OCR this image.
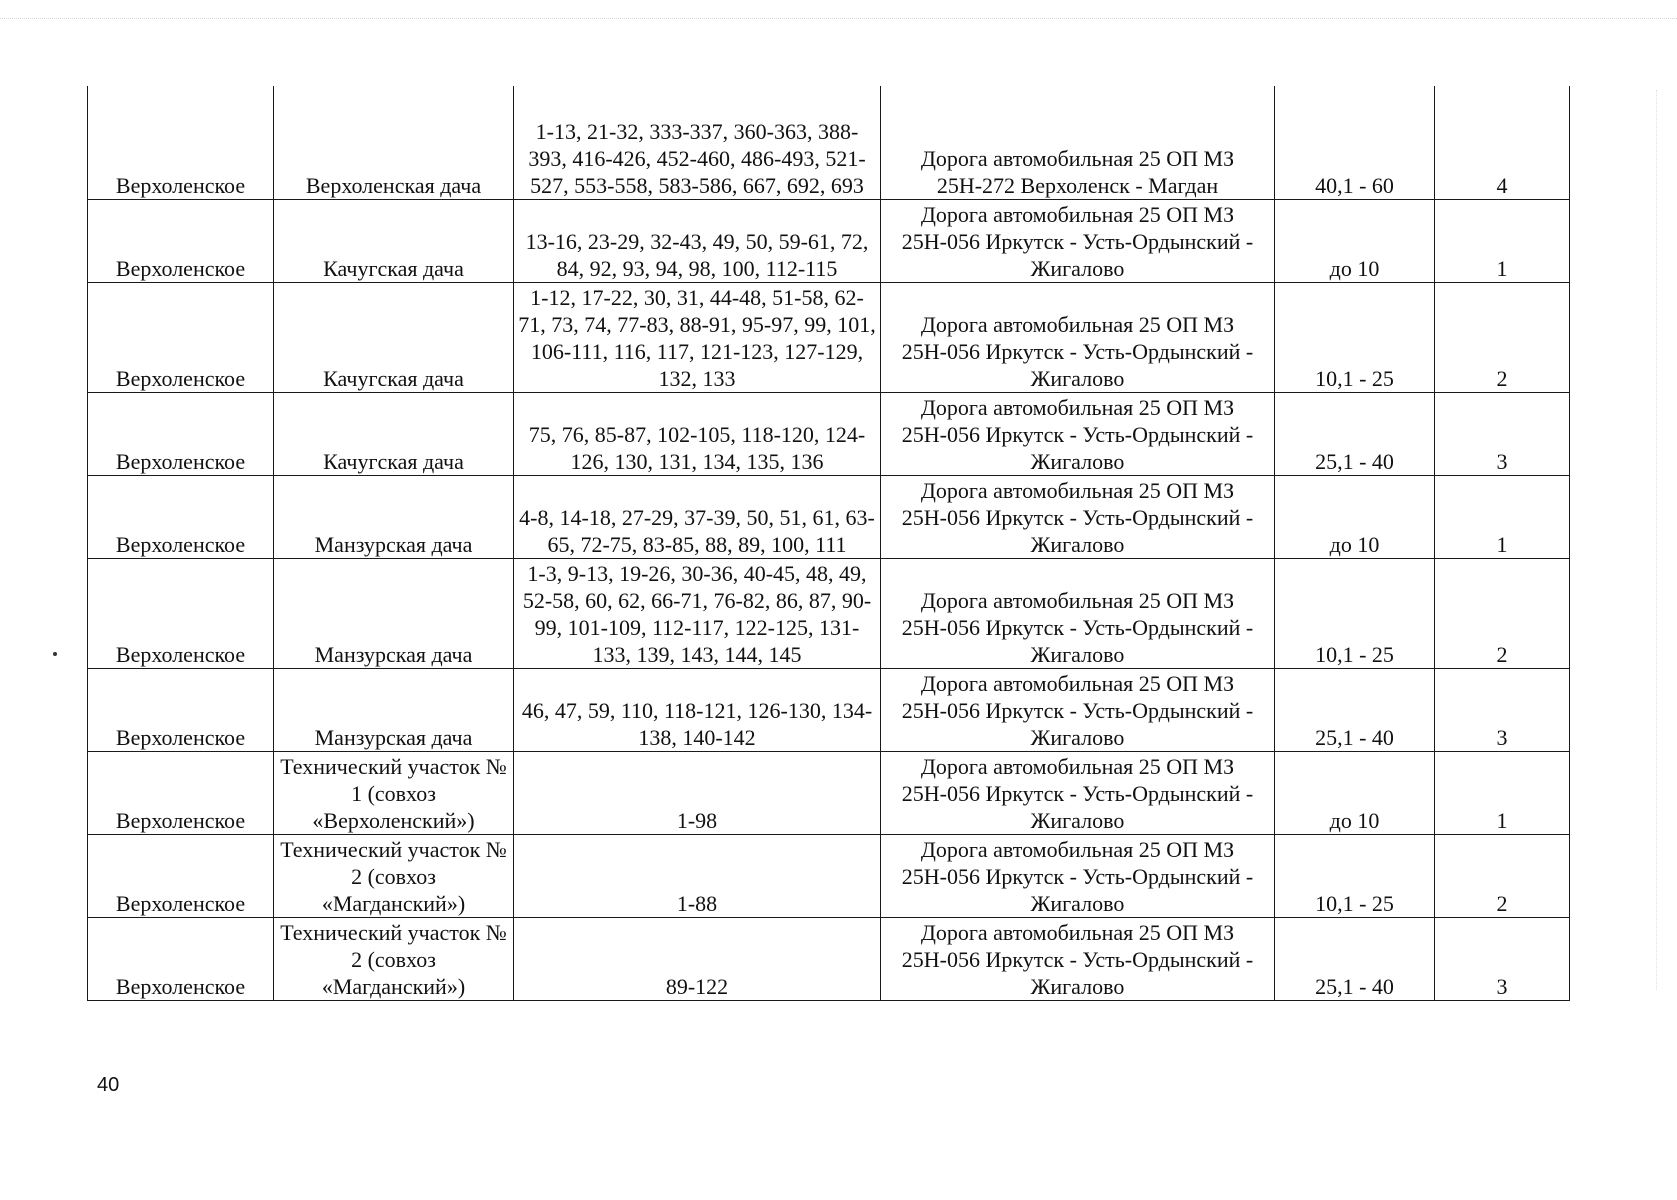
Верхоленское	Верхоленская дача	1-13, 21-32, 333-337, 360-363, 388-393, 416-426, 452-460, 486-493, 521-527, 553-558, 583-586, 667, 692, 693	Дорога автомобильная 25 ОП МЗ 25Н-272 Верхоленск - Магдан	40,1 - 60	4
Верхоленское	Качугская дача	13-16, 23-29, 32-43, 49, 50, 59-61, 72, 84, 92, 93, 94, 98, 100, 112-115	Дорога автомобильная 25 ОП МЗ 25Н-056 Иркутск - Усть-Ордынский - Жигалово	до 10	1
Верхоленское	Качугская дача	1-12, 17-22, 30, 31, 44-48, 51-58, 62-71, 73, 74, 77-83, 88-91, 95-97, 99, 101, 106-111, 116, 117, 121-123, 127-129, 132, 133	Дорога автомобильная 25 ОП МЗ 25Н-056 Иркутск - Усть-Ордынский - Жигалово	10,1 - 25	2
Верхоленское	Качугская дача	75, 76, 85-87, 102-105, 118-120, 124-126, 130, 131, 134, 135, 136	Дорога автомобильная 25 ОП МЗ 25Н-056 Иркутск - Усть-Ордынский - Жигалово	25,1 - 40	3
Верхоленское	Манзурская дача	4-8, 14-18, 27-29, 37-39, 50, 51, 61, 63-65, 72-75, 83-85, 88, 89, 100, 111	Дорога автомобильная 25 ОП МЗ 25Н-056 Иркутск - Усть-Ордынский - Жигалово	до 10	1
Верхоленское	Манзурская дача	1-3, 9-13, 19-26, 30-36, 40-45, 48, 49, 52-58, 60, 62, 66-71, 76-82, 86, 87, 90-99, 101-109, 112-117, 122-125, 131-133, 139, 143, 144, 145	Дорога автомобильная 25 ОП МЗ 25Н-056 Иркутск - Усть-Ордынский - Жигалово	10,1 - 25	2
Верхоленское	Манзурская дача	46, 47, 59, 110, 118-121, 126-130, 134-138, 140-142	Дорога автомобильная 25 ОП МЗ 25Н-056 Иркутск - Усть-Ордынский - Жигалово	25,1 - 40	3
Верхоленское	Технический участок № 1 (совхоз «Верхоленский»)	1-98	Дорога автомобильная 25 ОП МЗ 25Н-056 Иркутск - Усть-Ордынский - Жигалово	до 10	1
Верхоленское	Технический участок № 2 (совхоз «Магданский»)	1-88	Дорога автомобильная 25 ОП МЗ 25Н-056 Иркутск - Усть-Ордынский - Жигалово	10,1 - 25	2
Верхоленское	Технический участок № 2 (совхоз «Магданский»)	89-122	Дорога автомобильная 25 ОП МЗ 25Н-056 Иркутск - Усть-Ордынский - Жигалово	25,1 - 40	3
40
